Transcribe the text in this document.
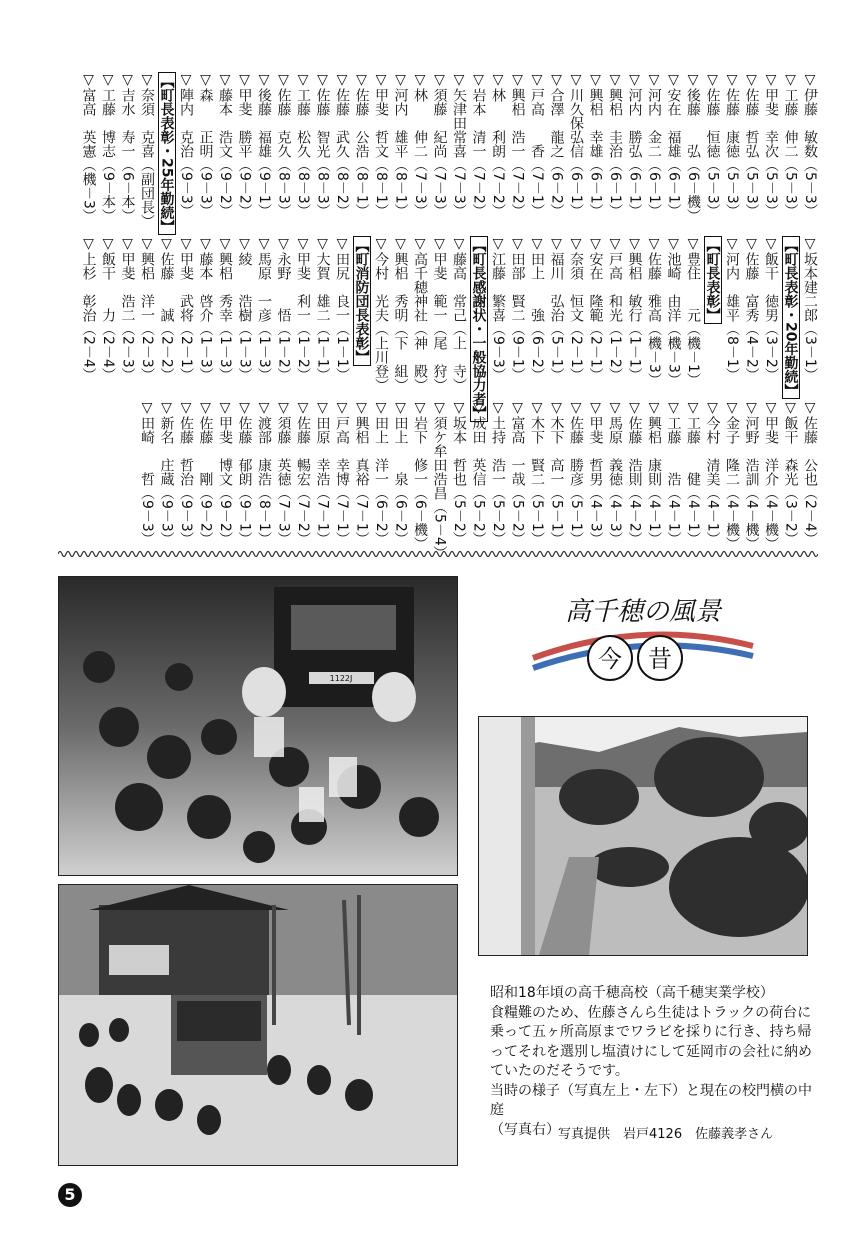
▽伊藤　敏数（5－3）
▽工藤　伸二（5－3）
▽甲斐　幸次（5－3）
▽佐藤　哲弘（5－3）
▽佐藤　康徳（5－3）
▽佐藤　恒徳（5－3）
▽後藤　　弘（6－機）
▽安在　福雄（6－1）
▽河内　金二（6－1）
▽河内　勝弘（6－1）
▽興梠　圭治（6－1）
▽興梠　幸雄（6－1）
▽川久保弘信（6－1）
▽合澤　龍之（6－2）
▽戸高　　香（7－1）
▽興梠　浩一（7－2）
▽林　　利朗（7－2）
▽岩本　清一（7－2）
▽矢津田常喜（7－3）
▽須藤　紀尚（7－3）
▽林　　伸二（7－3）
▽河内　雄平（8－1）
▽甲斐　哲文（8－1）
▽佐藤　公浩（8－1）
▽佐藤　武久（8－2）
▽佐藤　智光（8－3）
▽工藤　松久（8－3）
▽佐藤　克久（8－3）
▽後藤　福雄（9－1）
▽甲斐　勝平（9－2）
▽藤本　浩文（9－2）
▽森　　正明（9－3）
▽陣内　克治（9－3）
【町長表彰・25年勤続】
▽奈須　克喜（副団長）
▽吉水　寿一（6－本）
▽工藤　博志（9－本）
▽富高　英憲（機－3）
▽坂本建二郎（3－1）
【町長表彰・20年勤続】
▽飯干　徳男（3－2）
▽佐藤　富秀（4－2）
▽河内　雄平（8－1）
【町長表彰】
▽豊住　　元（機－1）
▽池崎　由洋（機－3）
▽佐藤　雅高（機－3）
▽興梠　敏行（1－1）
▽戸高　和光（1－2）
▽安在　隆範（2－1）
▽奈須　恒文（2－1）
▽福川　弘治（5－1）
▽田上　　強（6－2）
▽田部　賢二（9－1）
▽江藤　繁喜（9－3）
【町長感謝状・一般協力者】
▽藤高　常己（上　寺）
▽甲斐　範一（尾　狩）
▽高千穂神社（神　殿）
▽興梠　秀明（下　組）
▽今村　光夫（上川登）
【町消防団長表彰】
▽田尻　良一（1－1）
▽大賀　雄二（1－1）
▽甲斐　利一（1－2）
▽永野　　悟（1－2）
▽馬原　一彦（1－3）
▽綾　　浩樹（1－3）
▽興梠　秀幸（1－3）
▽藤本　啓介（1－3）
▽甲斐　武将（2－1）
▽佐藤　　誠（2－2）
▽興梠　洋一（2－3）
▽甲斐　浩二（2－3）
▽飯干　　力（2－4）
▽上杉　彰治（2－4）
▽佐藤　公也（2－4）
▽飯干　森光（3－2）
▽甲斐　洋介（4－機）
▽河野　浩訓（4－機）
▽金子　隆二（4－機）
▽今村　清美（4－1）
▽工藤　　健（4－1）
▽工藤　　浩（4－1）
▽興梠　康則（4－1）
▽佐藤　浩則（4－2）
▽馬原　義徳（4－3）
▽甲斐　哲男（4－3）
▽佐藤　勝彦（5－1）
▽木下　高一（5－1）
▽木下　賢二（5－1）
▽富高　一哉（5－2）
▽土持　浩一（5－2）
▽成田　英信（5－2）
▽坂本　哲也（5－2）
▽須ケ牟田浩昌（5－4）
▽岩下　修一（6－機）
▽田上　　泉（6－2）
▽田上　洋一（6－2）
▽興梠　真裕（7－1）
▽戸高　幸博（7－1）
▽田原　幸浩（7－1）
▽佐藤　暢宏（7－2）
▽須藤　英徳（7－3）
▽渡部　康浩（8－1）
▽佐藤　郁朗（9－1）
▽甲斐　博文（9－2）
▽佐藤　　剛（9－2）
▽佐藤　哲治（9－3）
▽新名　庄蔵（9－3）
▽田崎　　哲（9－3）
1122J
高千穂の風景
今 昔
昭和18年頃の高千穂高校（高千穂実業学校）
食糧難のため、佐藤さんら生徒はトラックの荷台に
乗って五ヶ所高原までワラビを採りに行き、持ち帰
ってそれを選別し塩漬けにして延岡市の会社に納め
ていたのだそうです。
当時の様子（写真左上・左下）と現在の校門横の中庭
（写真右）
写真提供　岩戸4126　佐藤義孝さん
5
